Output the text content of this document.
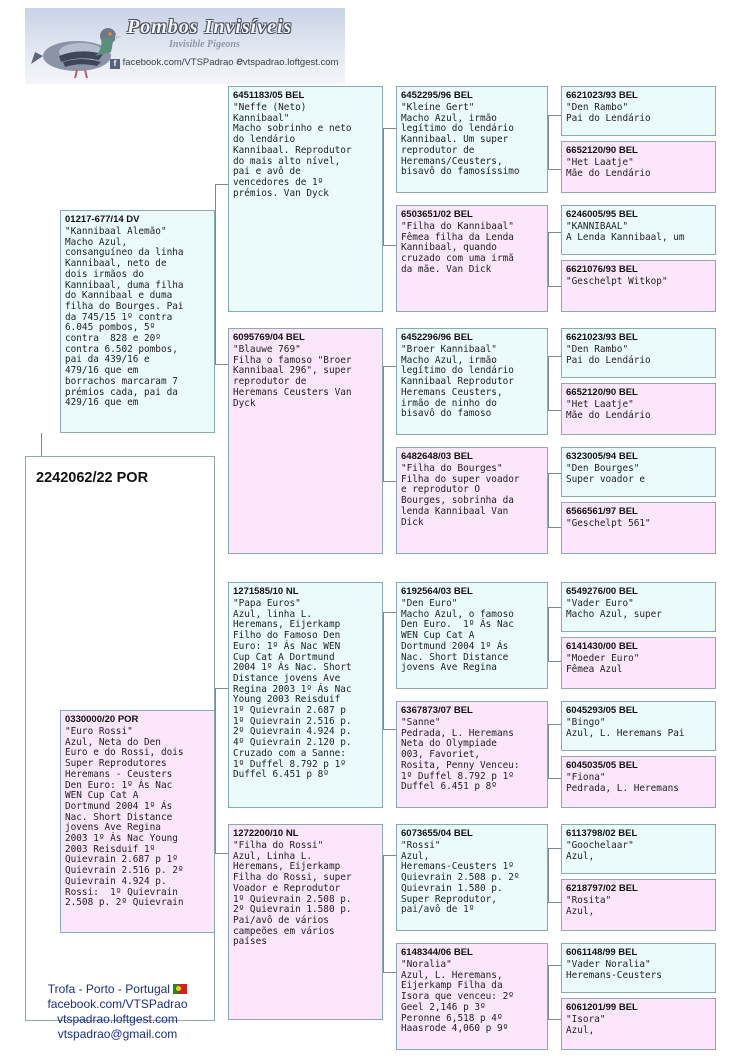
Pombos Invisíveis
Invisible Pigeons
f facebook.com/VTSPadrao evtspadrao.loftgest.com
2242062/22 POR
01217-677/14 DV
"Kannibaal Alemão"
Macho Azul,
consanguíneo da linha
Kannibaal, neto de
dois irmãos do
Kannibaal, duma filha
do Kannibaal e duma
filha do Bourges. Pai
da 745/15 1º contra
6.045 pombos, 5º
contra  828 e 20º
contra 6.502 pombos,
pai da 439/16 e
479/16 que em
borrachos marcaram 7
prémios cada, pai da
429/16 que em
0330000/20 POR
"Euro Rossi"
Azul, Neta do Den
Euro e do Rossi, dois
Super Reprodutores
Heremans - Ceusters
Den Euro: 1º Ás Nac
WEN Cup Cat A
Dortmund 2004 1º Ás
Nac. Short Distance
jovens Ave Regina
2003 1º Ás Nac Young
2003 Reisduif 1º
Quievrain 2.687 p 1º
Quievrain 2.516 p. 2º
Quievrain 4.924 p.
Rossi:  1º Quievrain
2.508 p. 2º Quievrain
6451183/05 BEL
"Neffe (Neto)
Kannibaal"
Macho sobrinho e neto
do lendário
Kannibaal. Reprodutor
do mais alto nível,
pai e avô de
vencedores de 1º
prémios. Van Dyck
6095769/04 BEL
"Blauwe 769"
Filha o famoso "Broer
Kannibaal 296", super
reprodutor de
Heremans Ceusters Van
Dyck
1271585/10 NL
"Papa Euros"
Azul, linha L.
Heremans, Eijerkamp
Filho do Famoso Den
Euro: 1º Ás Nac WEN
Cup Cat A Dortmund
2004 1º Ás Nac. Short
Distance jovens Ave
Regina 2003 1º Ás Nac
Young 2003 Reisduif
1º Quievrain 2.687 p
1º Quievrain 2.516 p.
2º Quievrain 4.924 p.
4º Quievrain 2.120 p.
Cruzado com a Sanne:
1º Duffel 8.792 p 1º
Duffel 6.451 p 8º
1272200/10 NL
"Filha do Rossi"
Azul, Linha L.
Heremans, Eijerkamp
Filha do Rossi, super
Voador e Reprodutor
1º Quievrain 2.508 p.
2º Quievrain 1.580 p.
Pai/avô de vários
campeões em vários
países
6452295/96 BEL
"Kleine Gert"
Macho Azul, irmão
legítimo do lendário
Kannibaal. Um super
reprodutor de
Heremans/Ceusters,
bisavô do famosíssimo
6503651/02 BEL
"Filha do Kannibaal"
Fêmea filha da Lenda
Kannibaal, quando
cruzado com uma irmã
da mãe. Van Dick
6452296/96 BEL
"Broer Kannibaal"
Macho Azul, irmão
legítimo do lendário
Kannibaal Reprodutor
Heremans Ceusters,
irmão de ninho do
bisavô do famoso
6482648/03 BEL
"Filha do Bourges"
Filha do super voador
e reprodutor O
Bourges, sobrinha da
lenda Kannibaal Van
Dick
6192564/03 BEL
"Den Euro"
Macho Azul, o famoso
Den Euro.  1º Ás Nac
WEN Cup Cat A
Dortmund 2004 1º Ás
Nac. Short Distance
jovens Ave Regina
6367873/07 BEL
"Sanne"
Pedrada, L. Heremans
Neta do Olympiade
003, Favoriet,
Rosita, Penny Venceu:
1º Duffel 8.792 p 1º
Duffel 6.451 p 8º
6073655/04 BEL
"Rossi"
Azul,
Heremans-Ceusters 1º
Quievrain 2.508 p. 2º
Quievrain 1.580 p.
Super Reprodutor,
pai/avô de 1º
6148344/06 BEL
"Noralia"
Azul, L. Heremans,
Eijerkamp Filha da
Isora que venceu: 2º
Geel 2,146 p 3º
Peronne 6,518 p 4º
Haasrode 4,060 p 9º
6621023/93 BEL
"Den Rambo"
Pai do Lendário
6652120/90 BEL
"Het Laatje"
Mãe do Lendário
6246005/95 BEL
"KANNIBAAL"
A Lenda Kannibaal, um
6621076/93 BEL
"Geschelpt Witkop"
6621023/93 BEL
"Den Rambo"
Pai do Lendário
6652120/90 BEL
"Het Laatje"
Mãe do Lendário
6323005/94 BEL
"Den Bourges"
Super voador e
6566561/97 BEL
"Geschelpt 561"
6549276/00 BEL
"Vader Euro"
Macho Azul, super
6141430/00 BEL
"Moeder Euro"
Fêmea Azul
6045293/05 BEL
"Bingo"
Azul, L. Heremans Pai
6045035/05 BEL
"Fiona"
Pedrada, L. Heremans
6113798/02 BEL
"Goochelaar"
Azul,
6218797/02 BEL
"Rosita"
Azul,
6061148/99 BEL
"Vader Noralia"
Heremans-Ceusters
6061201/99 BEL
"Isora"
Azul,
Trofa - Porto - Portugal
facebook.com/VTSPadrao
vtspadrao.loftgest.com
vtspadrao@gmail.com
